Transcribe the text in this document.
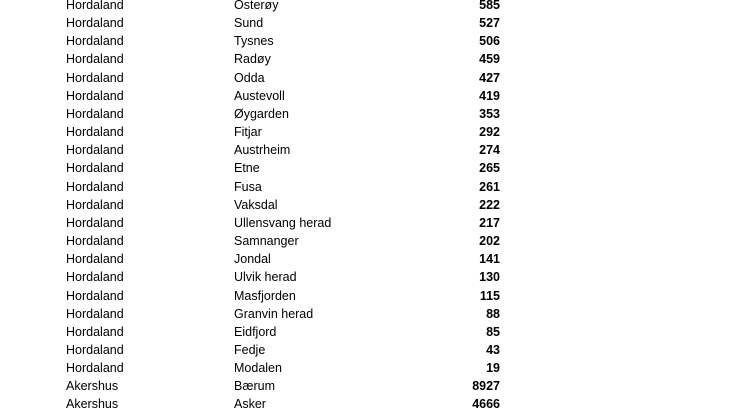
Hordaland	Osterøy	585
Hordaland	Sund	527
Hordaland	Tysnes	506
Hordaland	Radøy	459
Hordaland	Odda	427
Hordaland	Austevoll	419
Hordaland	Øygarden	353
Hordaland	Fitjar	292
Hordaland	Austrheim	274
Hordaland	Etne	265
Hordaland	Fusa	261
Hordaland	Vaksdal	222
Hordaland	Ullensvang herad	217
Hordaland	Samnanger	202
Hordaland	Jondal	141
Hordaland	Ulvik herad	130
Hordaland	Masfjorden	115
Hordaland	Granvin herad	88
Hordaland	Eidfjord	85
Hordaland	Fedje	43
Hordaland	Modalen	19
Akershus	Bærum	8927
Akershus	Asker	4666
